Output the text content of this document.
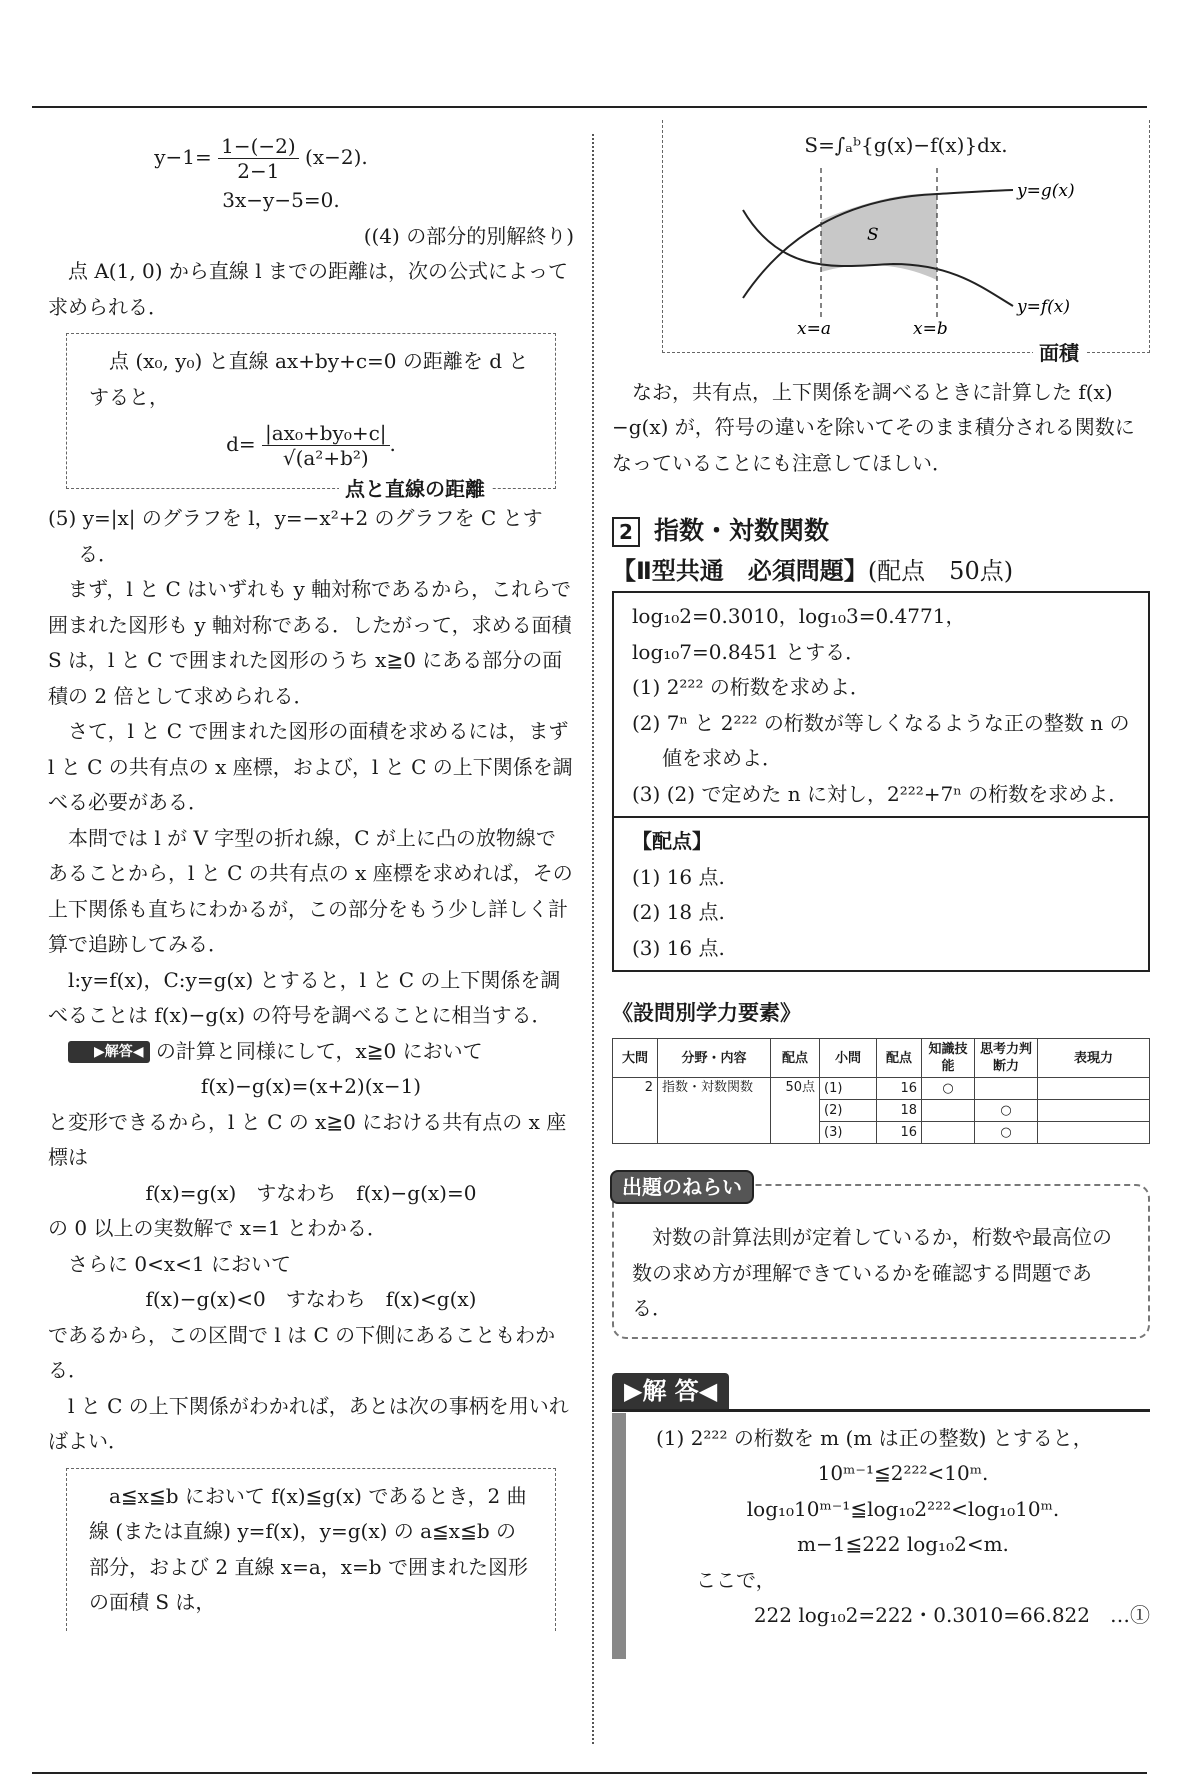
$y-1= \frac{1-(-2)}{2-1} (x-2)$.

3x−y−5=0.

((4) の部分的別解終り)

点 A(1, 0) から直線 l までの距離は，次の公式によって求められる．

点 (x₀, y₀) と直線 ax+by+c=0 の距離を d とすると，

$d= \frac{\text{|ax₀+by₀+c|}}{\text{√(a²+b²)}}$ .

点と直線の距離

(5) y=|x| のグラフを l，y=−x²+2 のグラフを C とする．

まず，l と C はいずれも y 軸対称であるから，これらで囲まれた図形も y 軸対称である．したがって，求める面積 S は，l と C で囲まれた図形のうち x≧0 にある部分の面積の 2 倍として求められる．

さて，l と C で囲まれた図形の面積を求めるには，まず l と C の共有点の x 座標，および，l と C の上下関係を調べる必要がある．

本問では l が V 字型の折れ線，C が上に凸の放物線であることから，l と C の共有点の x 座標を求めれば，その上下関係も直ちにわかるが，この部分をもう少し詳しく計算で追跡してみる．

l:y=f(x)，C:y=g(x) とすると，l と C の上下関係を調べることは f(x)−g(x) の符号を調べることに相当する．

▶解答◀ の計算と同様にして，x≧0 において

f(x)−g(x)=(x+2)(x−1)

と変形できるから，l と C の x≧0 における共有点の x 座標は

f(x)=g(x)　すなわち　f(x)−g(x)=0

の 0 以上の実数解で x=1 とわかる．

さらに 0<x<1 において

f(x)−g(x)<0　すなわち　f(x)<g(x)

であるから，この区間で l は C の下側にあることもわかる．

l と C の上下関係がわかれば，あとは次の事柄を用いればよい．

a≦x≦b において f(x)≦g(x) であるとき，2 曲線 (または直線) y=f(x)，y=g(x) の a≦x≦b の部分，および 2 直線 x=a，x=b で囲まれた図形の面積 S は，

S=∫ₐᵇ{g(x)−f(x)}dx.

y=g(x)
y=f(x)
S
x=a	x=b
面積

なお，共有点，上下関係を調べるときに計算した f(x)−g(x) が，符号の違いを除いてそのまま積分される関数になっていることにも注意してほしい．

2 指数・対数関数
【Ⅱ型共通　必須問題】(配点　50点)

log₁₀2=0.3010，log₁₀3=0.4771，

log₁₀7=0.8451 とする．

(1) 2²²² の桁数を求めよ．

(2) 7ⁿ と 2²²² の桁数が等しくなるような正の整数 n の値を求めよ．

(3) (2) で定めた n に対し，2²²²+7ⁿ の桁数を求めよ．

【配点】

(1) 16 点.

(2) 18 点.

(3) 16 点.

《設問別学力要素》
大問	分野・内容	配点	小問	配点	知識技能	思考力判断力	表現力
2	指数・対数関数	50点	(1)	16	○		
			(2)	18		○	
			(3)	16		○	
出題のねらい

対数の計算法則が定着しているか，桁数や最高位の数の求め方が理解できているかを確認する問題である．

▶解 答◀

(1) 2²²² の桁数を m (m は正の整数) とすると，

10ᵐ⁻¹≦2²²²<10ᵐ.

log₁₀10ᵐ⁻¹≦log₁₀2²²²<log₁₀10ᵐ.

m−1≦222 log₁₀2<m.

ここで，

222 log₁₀2=222・0.3010=66.822　…①
